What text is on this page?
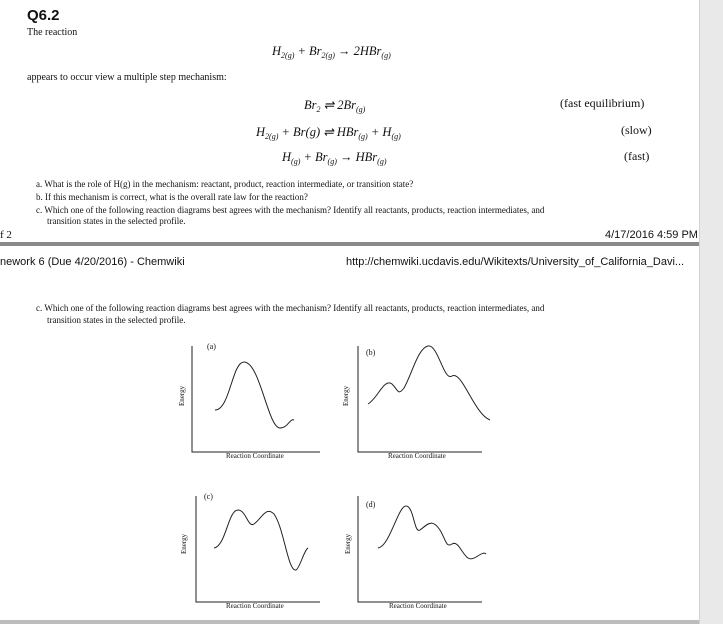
Q6.2
The reaction
$H_{2(g)} + Br_{2(g)} \to 2HBr_{(g)}$
appears to occur view a multiple step mechanism:
$Br_2$ ⇌ $2Br_{(g)}$	(fast equilibrium)
$H_{2(g)} + Br(g)$ ⇌ $HBr_{(g)} + H_{(g)}$	(slow)
$H_{(g)} + Br_{(g)} \to HBr_{(g)}$	(fast)
a. What is the role of H(g) in the mechanism: reactant, product, reaction intermediate, or transition state?
b. If this mechanism is correct, what is the overall rate law for the reaction?
c. Which one of the following reaction diagrams best agrees with the mechanism? Identify all reactants, products, reaction intermediates, and
transition states in the selected profile.
f 2	4/17/2016 4:59 PM
nework 6 (Due 4/20/2016) - Chemwiki	http://chemwiki.ucdavis.edu/Wikitexts/University_of_California_Davi...
c. Which one of the following reaction diagrams best agrees with the mechanism? Identify all reactants, products, reaction intermediates, and
transition states in the selected profile.
(a)
Energy
Reaction Coordinate
(b)
Energy
Reaction Coordinate
(c)
Energy
Reaction Coordinate
(d)
Energy
Reaction Coordinate
